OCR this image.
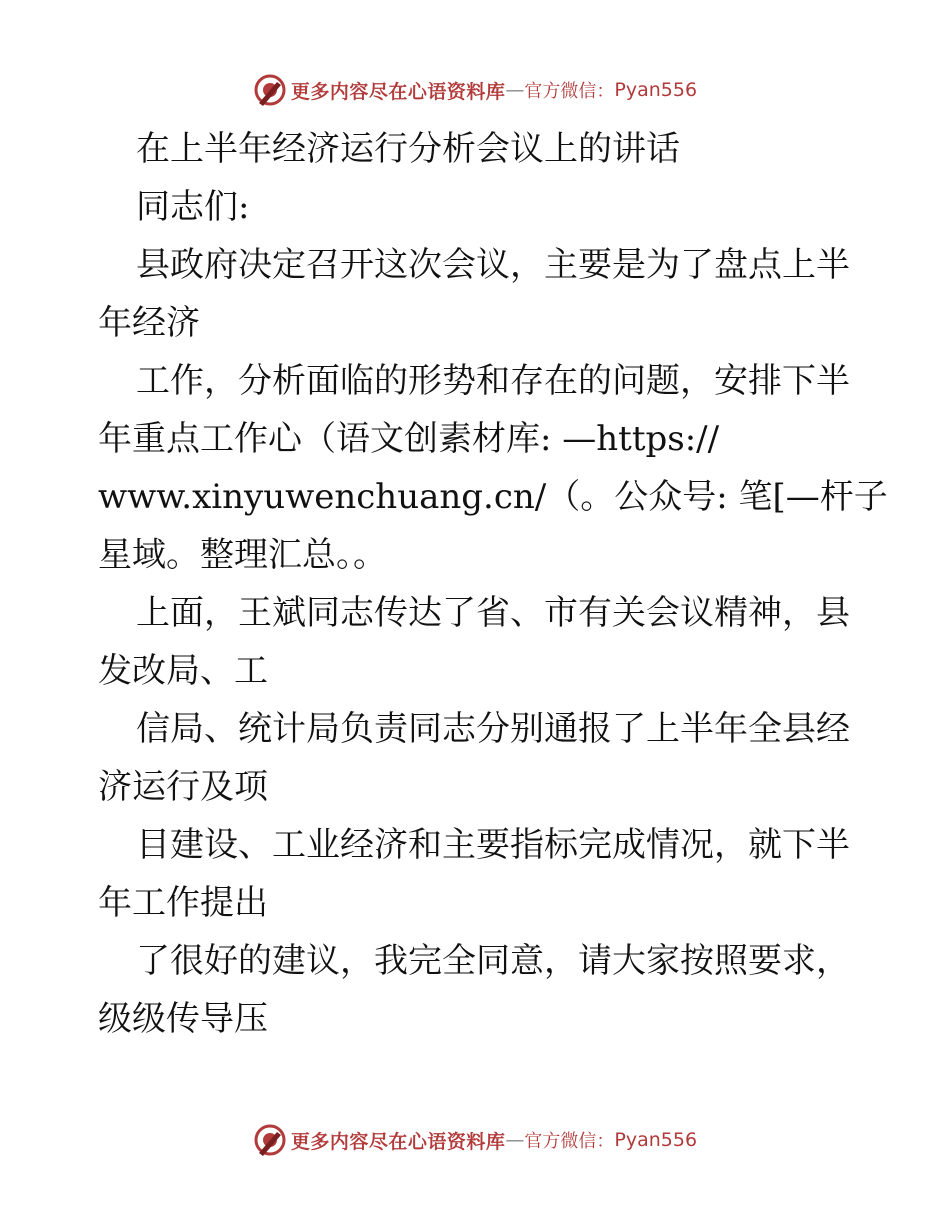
更多内容尽在心语资料库 — 官方微信： Pyan556
在上半年经济运行分析会议上的讲话
同志们:
县政府决定召开这次会议，主要是为了盘点上半
年经济
工作，分析面临的形势和存在的问题，安排下半
年重点工作心（语文创素材库: —https://
www.xinyuwenchuang.cn/（。公众号: 笔[—杆子
星域。整理汇总。。
上面，王斌同志传达了省、市有关会议精神，县
发改局、工
信局、统计局负责同志分别通报了上半年全县经
济运行及项
目建设、工业经济和主要指标完成情况，就下半
年工作提出
了很好的建议，我完全同意，请大家按照要求，
级级传导压
更多内容尽在心语资料库 — 官方微信： Pyan556
